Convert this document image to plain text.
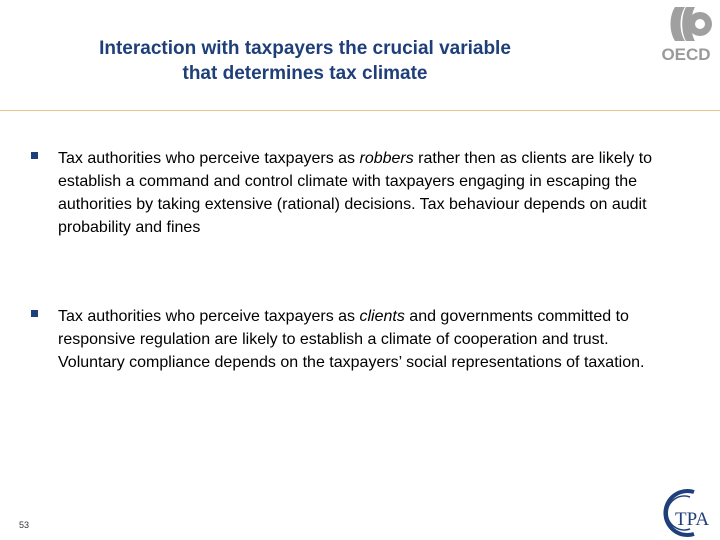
Interaction with taxpayers the crucial variable
that determines tax climate
OECD

Tax authorities who perceive taxpayers as robbers rather then as clients are likely to establish a command and control climate with taxpayers engaging in escaping the authorities by taking extensive (rational) decisions. Tax behaviour depends on audit probability and fines

Tax authorities who perceive taxpayers as clients and governments committed to responsive regulation are likely to establish a climate of cooperation and trust. Voluntary compliance depends on the taxpayers’ social representations of taxation.

53	TPA
